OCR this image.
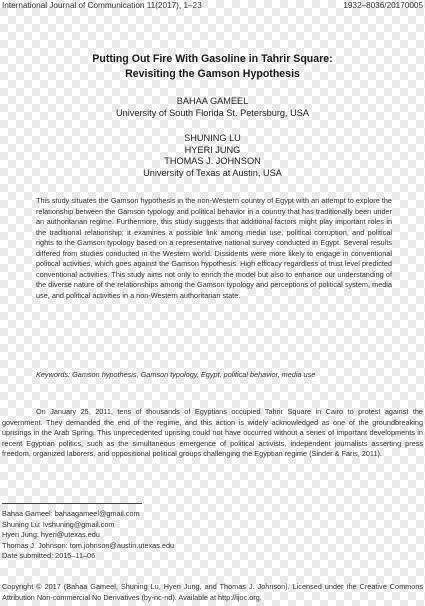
International Journal of Communication 11(2017), 1–23	1932–8036/20170005
Putting Out Fire With Gasoline in Tahrir Square:
Revisiting the Gamson Hypothesis
BAHAA GAMEEL
University of South Florida St. Petersburg, USA
SHUNING LU
HYERI JUNG
THOMAS J. JOHNSON
University of Texas at Austin, USA

This study situates the Gamson hypothesis in the non-Western country of Egypt with an attempt to explore the relationship between the Gamson typology and political behavior in a country that has traditionally been under an authoritarian regime. Furthermore, this study suggests that additional factors might play important roles in the traditional relationship; it examines a possible link among media use, political corruption, and political rights to the Gamson typology based on a representative national survey conducted in Egypt. Several results differed from studies conducted in the Western world. Dissidents were more likely to engage in conventional political activities, which goes against the Gamson hypothesis. High efficacy regardless of trust level predicted conventional activities. This study aims not only to enrich the model but also to enhance our understanding of the diverse nature of the relationships among the Gamson typology and perceptions of political system, media use, and political activities in a non-Western authoritarian state.

Keywords: Gamson hypothesis, Gamson typology, Egypt, political behavior, media use

On January 25, 2011, tens of thousands of Egyptians occupied Tahrir Square in Cairo to protest against the government. They demanded the end of the regime, and this action is widely acknowledged as one of the groundbreaking uprisings in the Arab Spring. This unprecedented uprising could not have occurred without a series of important developments in recent Egyptian politics, such as the simultaneous emergence of political activists, independent journalists asserting press freedom, organized laborers, and oppositional political groups challenging the Egyptian regime (Sinder & Faris, 2011).

Bahaa Gameel: bahaagameel@gmail.com
Shuning Lu: lvshuning@gmail.com
Hyeri Jung: hyeri@utexas.edu
Thomas J. Johnson: tom.johnson@austin.utexas.edu
Date submitted: 2015–11–06

Copyright © 2017 (Bahaa Gameel, Shuning Lu, Hyeri Jung, and Thomas J. Johnson). Licensed under the Creative Commons Attribution Non-commercial No Derivatives (by-nc-nd). Available at http://ijoc.org.
